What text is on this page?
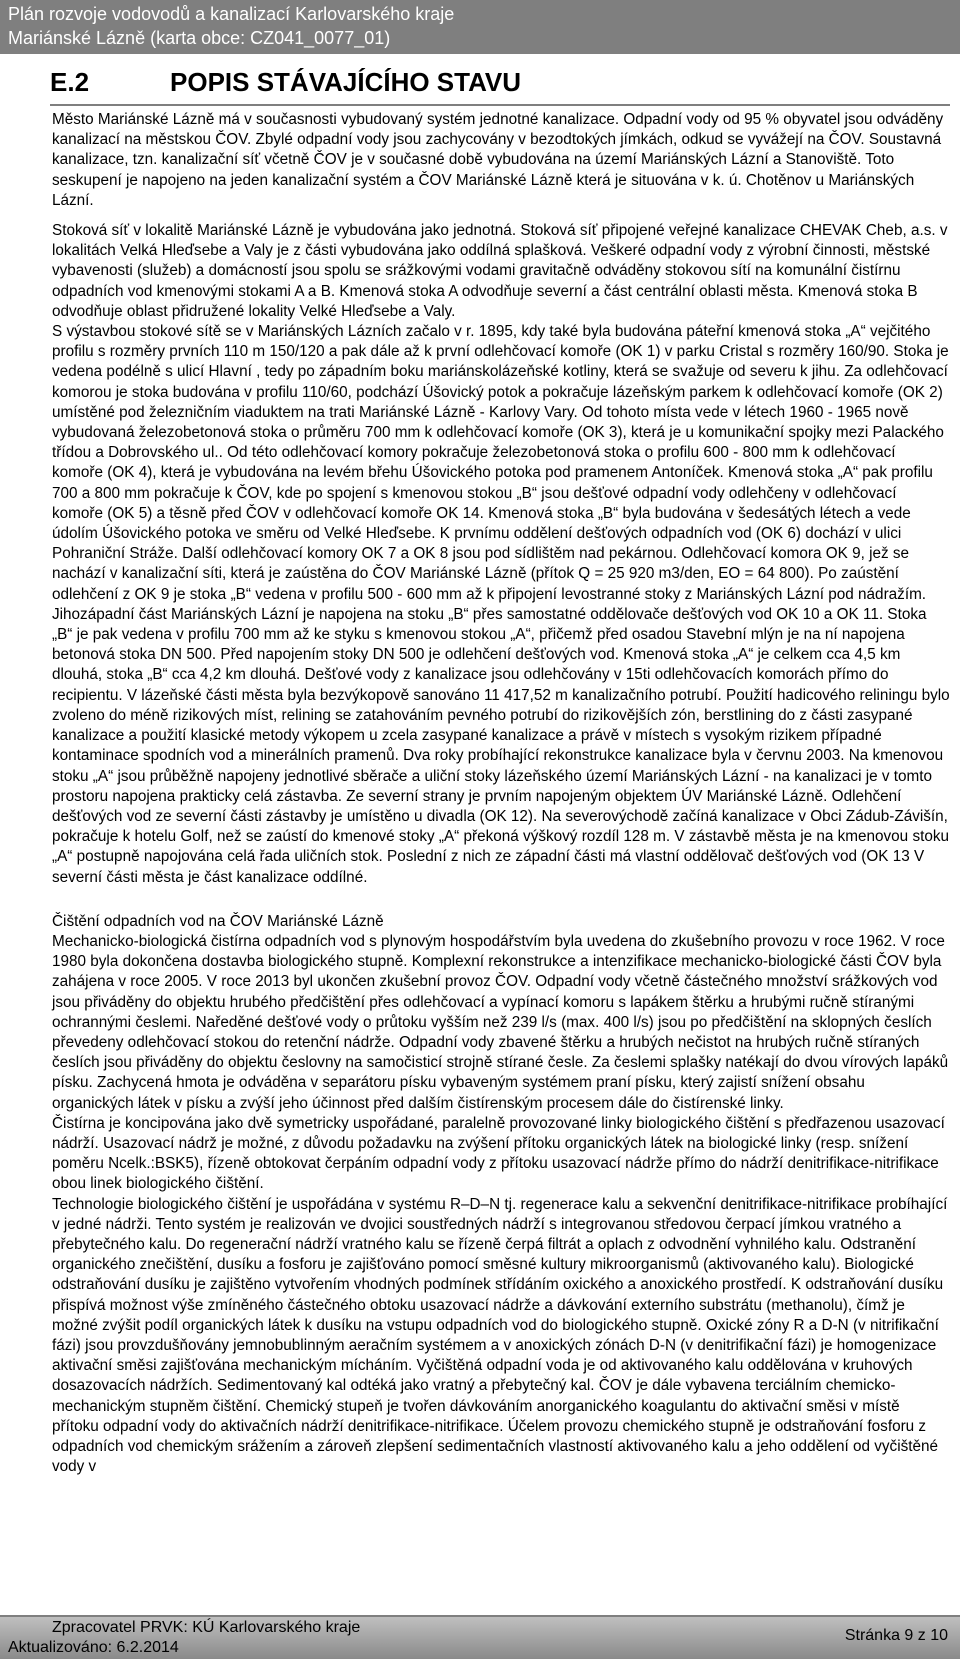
Plán rozvoje vodovodů a kanalizací Karlovarského kraje
Mariánské Lázně (karta obce: CZ041_0077_01)
E.2	POPIS STÁVAJÍCÍHO STAVU

Město Mariánské Lázně má v současnosti vybudovaný systém jednotné kanalizace. Odpadní vody od 95 % obyvatel jsou odváděny kanalizací na městskou ČOV. Zbylé odpadní vody jsou zachycovány v bezodtokých jímkách, odkud se vyvážejí na ČOV. Soustavná kanalizace, tzn. kanalizační síť včetně ČOV je v současné době vybudována na území Mariánských Lázní a Stanoviště. Toto seskupení je napojeno na jeden kanalizační systém a ČOV Mariánské Lázně která je situována v k. ú. Chotěnov u Mariánských Lázní.

Stoková síť v lokalitě Mariánské Lázně je vybudována jako jednotná. Stoková síť připojené veřejné kanalizace CHEVAK Cheb, a.s. v lokalitách Velká Hleďsebe a Valy je z části vybudována jako oddílná splašková. Veškeré odpadní vody z výrobní činnosti, městské vybavenosti (služeb) a domácností jsou spolu se srážkovými vodami gravitačně odváděny stokovou sítí na komunální čistírnu odpadních vod kmenovými stokami A a B. Kmenová stoka A odvodňuje severní a část centrální oblasti města. Kmenová stoka B odvodňuje oblast přidružené lokality Velké Hleďsebe a Valy.

S výstavbou stokové sítě se v Mariánských Lázních začalo v r. 1895, kdy také byla budována páteřní kmenová stoka „A“ vejčitého profilu s rozměry prvních 110 m 150/120 a pak dále až k první odlehčovací komoře (OK 1) v parku Cristal s rozměry 160/90. Stoka je vedena podélně s ulicí Hlavní , tedy po západním boku mariánskolázeňské kotliny, která se svažuje od severu k jihu. Za odlehčovací komorou je stoka budována v profilu 110/60, podchází Úšovický potok a pokračuje lázeňským parkem k odlehčovací komoře (OK 2) umístěné pod železničním viaduktem na trati Mariánské Lázně - Karlovy Vary. Od tohoto místa vede v létech 1960 - 1965 nově vybudovaná železobetonová stoka o průměru 700 mm k odlehčovací komoře (OK 3), která je u komunikační spojky mezi Palackého třídou a Dobrovského ul.. Od této odlehčovací komory pokračuje železobetonová stoka o profilu 600 - 800 mm k odlehčovací komoře (OK 4), která je vybudována na levém břehu Úšovického potoka pod pramenem Antoníček. Kmenová stoka „A“ pak profilu 700 a 800 mm pokračuje k ČOV, kde po spojení s kmenovou stokou „B“ jsou dešťové odpadní vody odlehčeny v odlehčovací komoře (OK 5) a těsně před ČOV v odlehčovací komoře OK 14. Kmenová stoka „B“ byla budována v šedesátých létech a vede údolím Úšovického potoka ve směru od Velké Hleďsebe. K prvnímu oddělení dešťových odpadních vod (OK 6) dochází v ulici Pohraniční Stráže. Další odlehčovací komory OK 7 a OK 8 jsou pod sídlištěm nad pekárnou. Odlehčovací komora OK 9, jež se nachází v kanalizační síti, která je zaústěna do ČOV Mariánské Lázně (přítok Q = 25 920 m3/den, EO = 64 800). Po zaústění odlehčení z OK 9 je stoka „B“ vedena v profilu 500 - 600 mm až k připojení levostranné stoky z Mariánských Lázní pod nádražím. Jihozápadní část Mariánských Lázní je napojena na stoku „B“ přes samostatné oddělovače dešťových vod OK 10 a OK 11. Stoka „B“ je pak vedena v profilu 700 mm až ke styku s kmenovou stokou „A“, přičemž před osadou Stavební mlýn je na ní napojena betonová stoka DN 500. Před napojením stoky DN 500 je odlehčení dešťových vod. Kmenová stoka „A“ je celkem cca 4,5 km dlouhá, stoka „B“ cca 4,2 km dlouhá. Dešťové vody z kanalizace jsou odlehčovány v 15ti odlehčovacích komorách přímo do recipientu. V lázeňské části města byla bezvýkopově sanováno 11 417,52 m kanalizačního potrubí. Použití hadicového reliningu bylo zvoleno do méně rizikových míst, relining se zatahováním pevného potrubí do rizikovějších zón, berstlining do z části zasypané kanalizace a použití klasické metody výkopem u zcela zasypané kanalizace a právě v místech s vysokým rizikem případné kontaminace spodních vod a minerálních pramenů. Dva roky probíhající rekonstrukce kanalizace byla v červnu 2003. Na kmenovou stoku „A“ jsou průběžně napojeny jednotlivé sběrače a uliční stoky lázeňského území Mariánských Lázní - na kanalizaci je v tomto prostoru napojena prakticky celá zástavba. Ze severní strany je prvním napojeným objektem ÚV Mariánské Lázně. Odlehčení dešťových vod ze severní části zástavby je umístěno u divadla (OK 12). Na severovýchodě začíná kanalizace v Obci Zádub-Závišín, pokračuje k hotelu Golf, než se zaústí do kmenové stoky „A“ překoná výškový rozdíl 128 m. V zástavbě města je na kmenovou stoku „A“ postupně napojována celá řada uličních stok. Poslední z nich ze západní části má vlastní oddělovač dešťových vod (OK 13 V severní části města je část kanalizace oddílné.

Čištění odpadních vod na ČOV Mariánské Lázně

Mechanicko-biologická čistírna odpadních vod s plynovým hospodářstvím byla uvedena do zkušebního provozu v roce 1962. V roce 1980 byla dokončena dostavba biologického stupně. Komplexní rekonstrukce a intenzifikace mechanicko-biologické části ČOV byla zahájena v roce 2005. V roce 2013 byl ukončen zkušební provoz ČOV. Odpadní vody včetně částečného množství srážkových vod jsou přiváděny do objektu hrubého předčištění přes odlehčovací a vypínací komoru s lapákem štěrku a hrubými ručně stíranými ochrannými česlemi. Naředěné dešťové vody o průtoku vyšším než 239 l/s (max. 400 l/s) jsou po předčištění na sklopných česlích převedeny odlehčovací stokou do retenční nádrže. Odpadní vody zbavené štěrku a hrubých nečistot na hrubých ručně stíraných česlích jsou přiváděny do objektu česlovny na samočisticí strojně stírané česle. Za česlemi splašky natékají do dvou vírových lapáků písku. Zachycená hmota je odváděna v separátoru písku vybaveným systémem praní písku, který zajistí snížení obsahu organických látek v písku a zvýší jeho účinnost před dalším čistírenským procesem dále do čistírenské linky.

Čistírna je koncipována jako dvě symetricky uspořádané, paralelně provozované linky biologického čištění s předřazenou usazovací nádrží. Usazovací nádrž je možné, z důvodu požadavku na zvýšení přítoku organických látek na biologické linky (resp. snížení poměru Ncelk.:BSK5), řízeně obtokovat čerpáním odpadní vody z přítoku usazovací nádrže přímo do nádrží denitrifikace-nitrifikace obou linek biologického čištění.

Technologie biologického čištění je uspořádána v systému R–D–N tj. regenerace kalu a sekvenční denitrifikace-nitrifikace probíhající v jedné nádrži. Tento systém je realizován ve dvojici soustředných nádrží s integrovanou středovou čerpací jímkou vratného a přebytečného kalu. Do regenerační nádrží vratného kalu se řízeně čerpá filtrát a oplach z odvodnění vyhnilého kalu. Odstranění organického znečištění, dusíku a fosforu je zajišťováno pomocí směsné kultury mikroorganismů (aktivovaného kalu). Biologické odstraňování dusíku je zajištěno vytvořením vhodných podmínek střídáním oxického a anoxického prostředí. K odstraňování dusíku přispívá možnost výše zmíněného částečného obtoku usazovací nádrže a dávkování externího substrátu (methanolu), čímž je možné zvýšit podíl organických látek k dusíku na vstupu odpadních vod do biologického stupně. Oxické zóny R a D-N (v nitrifikační fázi) jsou provzdušňovány jemnobublinným aeračním systémem a v anoxických zónách D-N (v denitrifikační fázi) je homogenizace aktivační směsi zajišťována mechanickým mícháním. Vyčištěná odpadní voda je od aktivovaného kalu oddělována v kruhových dosazovacích nádržích. Sedimentovaný kal odtéká jako vratný a přebytečný kal. ČOV je dále vybavena terciálním chemicko-mechanickým stupněm čištění. Chemický stupeň je tvořen dávkováním anorganického koagulantu do aktivační směsi v místě přítoku odpadní vody do aktivačních nádrží denitrifikace-nitrifikace. Účelem provozu chemického stupně je odstraňování fosforu z odpadních vod chemickým srážením a zároveň zlepšení sedimentačních vlastností aktivovaného kalu a jeho oddělení od vyčištěné vody v

Zpracovatel PRVK: KÚ Karlovarského kraje
Aktualizováno: 6.2.2014
Stránka 9 z 10
